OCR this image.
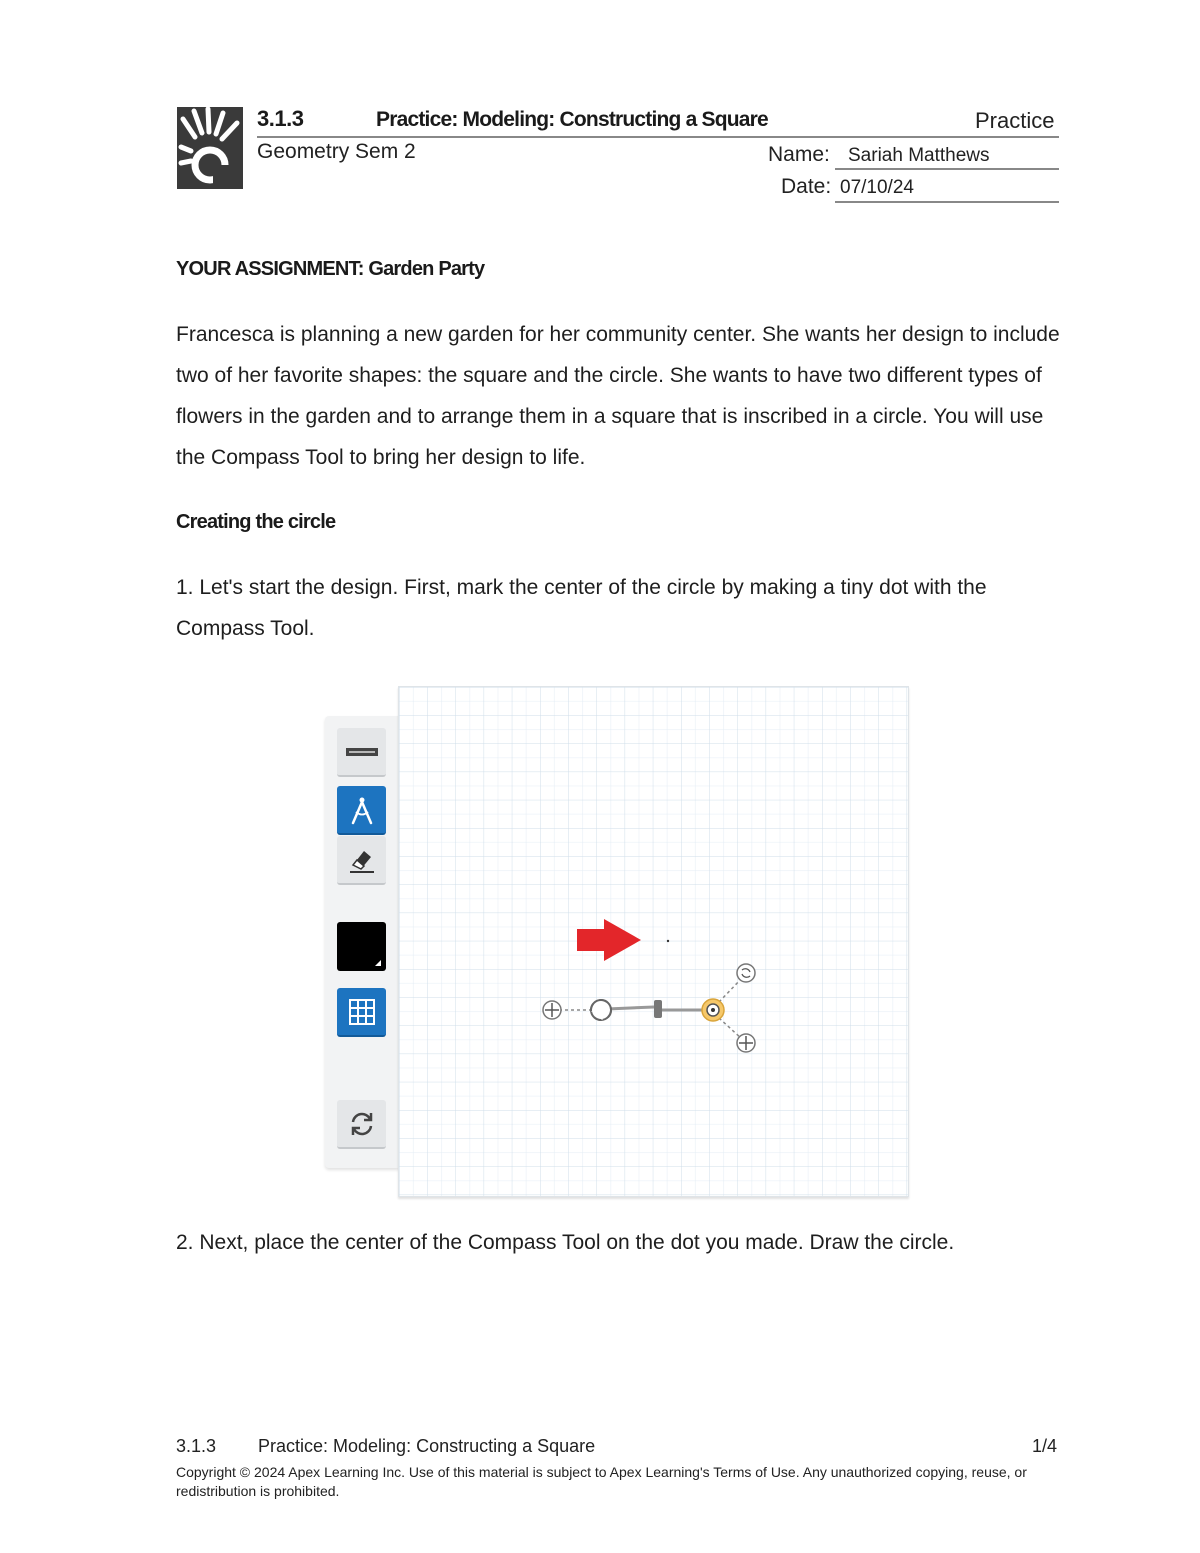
3.1.3	Practice: Modeling: Constructing a Square	Practice
Geometry Sem 2	Name: Sariah Matthews
Date: 07/10/24
YOUR ASSIGNMENT: Garden Party

Francesca is planning a new garden for her community center. She wants her design to include two of her favorite shapes: the square and the circle. She wants to have two different types of flowers in the garden and to arrange them in a square that is inscribed in a circle. You will use the Compass Tool to bring her design to life.

Creating the circle

1. Let's start the design. First, mark the center of the circle by making a tiny dot with the Compass Tool.

2. Next, place the center of the Compass Tool on the dot you made. Draw the circle.

3.1.3 Practice: Modeling: Constructing a Square	1/4

Copyright © 2024 Apex Learning Inc. Use of this material is subject to Apex Learning's Terms of Use. Any unauthorized copying, reuse, or redistribution is prohibited.
